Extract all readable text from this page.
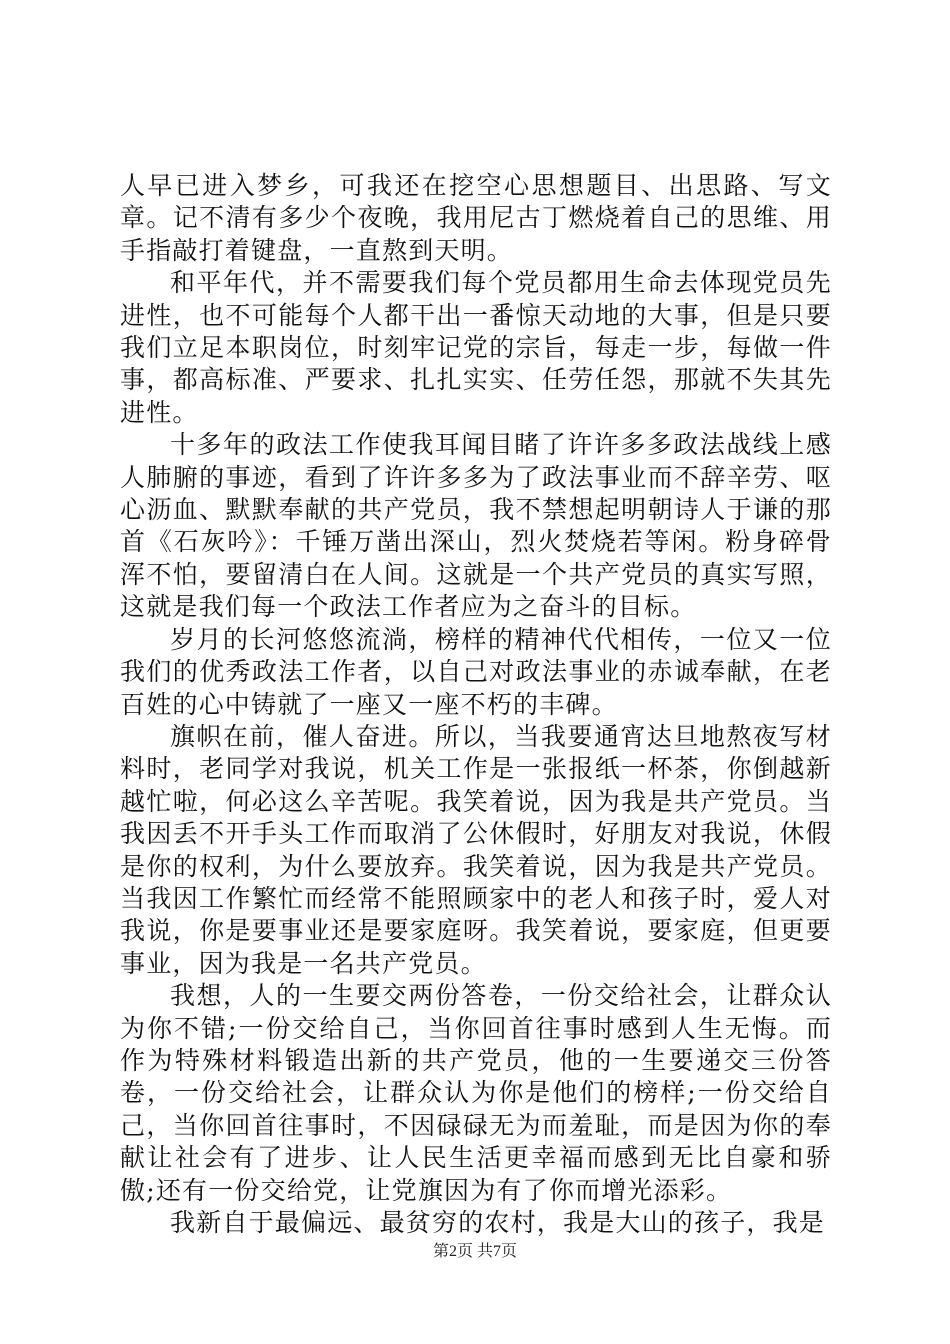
人早已进入梦乡，可我还在挖空心思想题目、出思路、写文章。记不清有多少个夜晚，我用尼古丁燃烧着自己的思维、用手指敲打着键盘，一直熬到天明。

和平年代，并不需要我们每个党员都用生命去体现党员先进性，也不可能每个人都干出一番惊天动地的大事，但是只要我们立足本职岗位，时刻牢记党的宗旨，每走一步，每做一件事，都高标准、严要求、扎扎实实、任劳任怨，那就不失其先进性。

十多年的政法工作使我耳闻目睹了许许多多政法战线上感人肺腑的事迹，看到了许许多多为了政法事业而不辞辛劳、呕心沥血、默默奉献的共产党员，我不禁想起明朝诗人于谦的那首《石灰吟》：千锤万凿出深山，烈火焚烧若等闲。粉身碎骨浑不怕，要留清白在人间。这就是一个共产党员的真实写照，这就是我们每一个政法工作者应为之奋斗的目标。

岁月的长河悠悠流淌，榜样的精神代代相传，一位又一位我们的优秀政法工作者，以自己对政法事业的赤诚奉献，在老百姓的心中铸就了一座又一座不朽的丰碑。

旗帜在前，催人奋进。所以，当我要通宵达旦地熬夜写材料时，老同学对我说，机关工作是一张报纸一杯茶，你倒越新越忙啦，何必这么辛苦呢。我笑着说，因为我是共产党员。当我因丢不开手头工作而取消了公休假时，好朋友对我说，休假是你的权利，为什么要放弃。我笑着说，因为我是共产党员。当我因工作繁忙而经常不能照顾家中的老人和孩子时，爱人对我说，你是要事业还是要家庭呀。我笑着说，要家庭，但更要事业，因为我是一名共产党员。

我想，人的一生要交两份答卷，一份交给社会，让群众认为你不错;一份交给自己，当你回首往事时感到人生无悔。而作为特殊材料锻造出新的共产党员，他的一生要递交三份答卷，一份交给社会，让群众认为你是他们的榜样;一份交给自己，当你回首往事时，不因碌碌无为而羞耻，而是因为你的奉献让社会有了进步、让人民生活更幸福而感到无比自豪和骄傲;还有一份交给党，让党旗因为有了你而增光添彩。

我新自于最偏远、最贫穷的农村，我是大山的孩子，我是

第2页 共7页
